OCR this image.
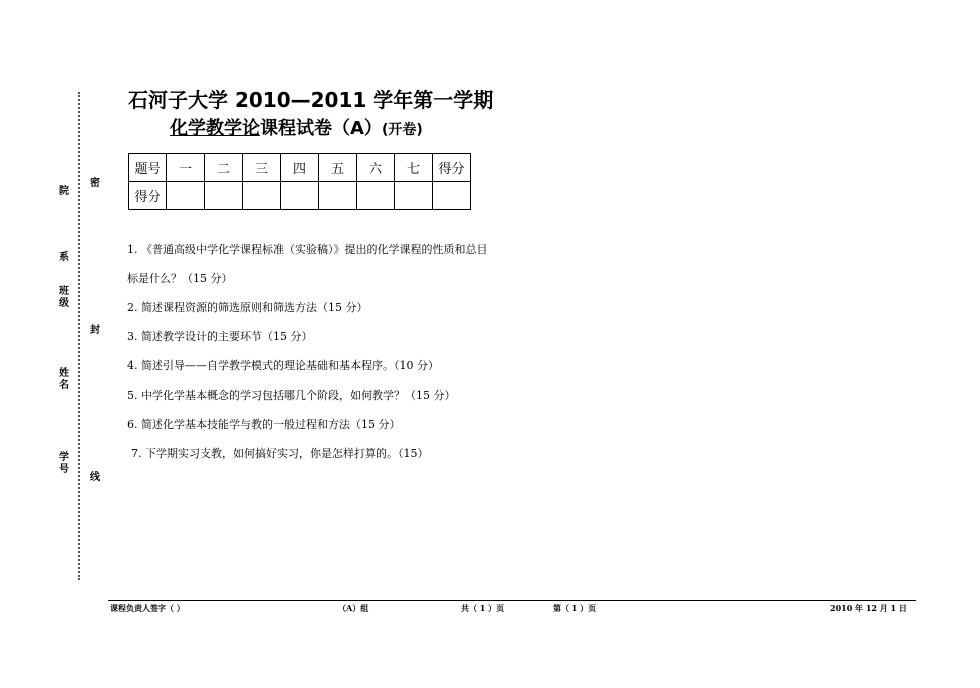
院
系
班级
姓名
学号
密
封
线
石河子大学 2010—2011 学年第一学期
化学教学论课程试卷（A）(开卷)
题号	一	二	三	四	五	六	七	得分
得分								
1. 《普通高级中学化学课程标准（实验稿）》提出的化学课程的性质和总目
标是什么？（15 分）
2. 简述课程资源的筛选原则和筛选方法（15 分）
3. 简述教学设计的主要环节（15 分）
4. 简述引导——自学教学模式的理论基础和基本程序。（10 分）
5. 中学化学基本概念的学习包括哪几个阶段，如何教学？（15 分）
6. 简述化学基本技能学与教的一般过程和方法（15 分）
7. 下学期实习支教，如何搞好实习，你是怎样打算的。（15）
课程负责人签字（ ）	（A）组	共（ 1 ）页	第（ 1 ）页	2010 年 12 月 1 日
